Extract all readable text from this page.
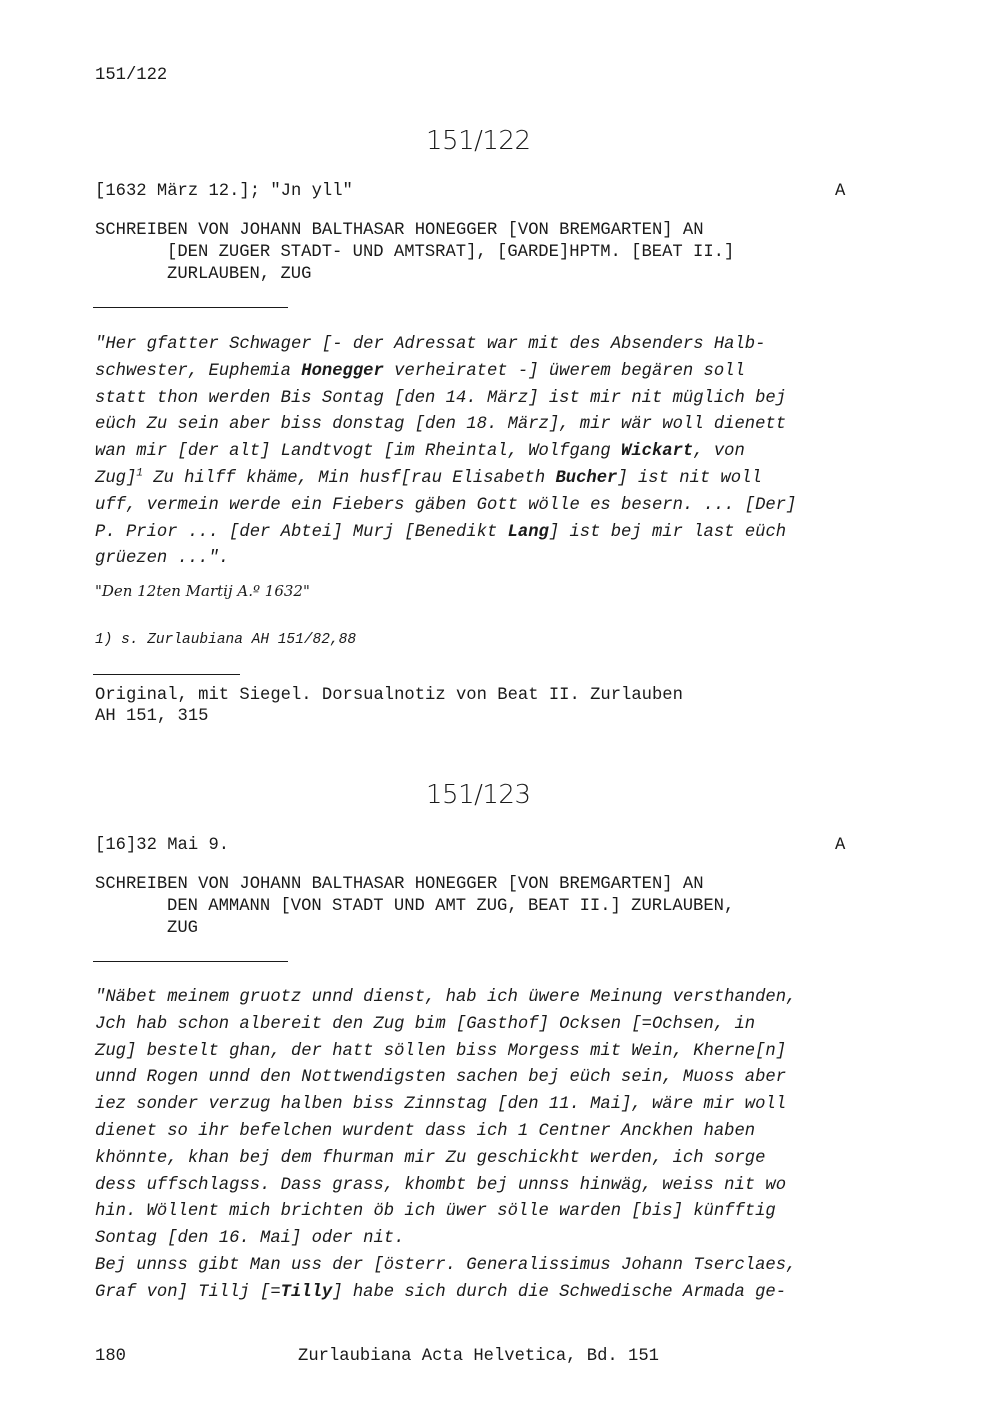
151/122
151/122
[1632 März 12.]; "Jn yll"	A
SCHREIBEN VON JOHANN BALTHASAR HONEGGER [VON BREMGARTEN] AN
[DEN ZUGER STADT- UND AMTSRAT], [GARDE]HPTM. [BEAT II.]
ZURLAUBEN, ZUG
"Her gfatter Schwager [- der Adressat war mit des Absenders Halb-
schwester, Euphemia Honegger verheiratet -] üwerem begären soll
statt thon werden Bis Sontag [den 14. März] ist mir nit müglich bej
eüch Zu sein aber biss donstag [den 18. März], mir wär woll dienett
wan mir [der alt] Landtvogt [im Rheintal, Wolfgang Wickart, von
Zug]$^1$ Zu hilff khäme, Min husf[rau Elisabeth Bucher] ist nit woll
uff, vermein werde ein Fiebers gäben Gott wölle es besern. ... [Der]
P. Prior ... [der Abtei] Murj [Benedikt Lang] ist bej mir last eüch
grüezen ...".
"Den 12ten Martij A.º 1632"
1) s. Zurlaubiana AH 151/82,88
Original, mit Siegel. Dorsualnotiz von Beat II. Zurlauben
AH 151, 315
151/123
[16]32 Mai 9.	A
SCHREIBEN VON JOHANN BALTHASAR HONEGGER [VON BREMGARTEN] AN
DEN AMMANN [VON STADT UND AMT ZUG, BEAT II.] ZURLAUBEN,
ZUG
"Näbet meinem gruotz unnd dienst, hab ich üwere Meinung versthanden,
Jch hab schon albereit den Zug bim [Gasthof] Ocksen [=Ochsen, in
Zug] bestelt ghan, der hatt söllen biss Morgess mit Wein, Kherne[n]
unnd Rogen unnd den Nottwendigsten sachen bej eüch sein, Muoss aber
iez sonder verzug halben biss Zinnstag [den 11. Mai], wäre mir woll
dienet so ihr befelchen wurdent dass ich 1 Centner Anckhen haben
khönnte, khan bej dem fhurman mir Zu geschickht werden, ich sorge
dess uffschlagss. Dass grass, khombt bej unnss hinwäg, weiss nit wo
hin. Wöllent mich brichten öb ich üwer sölle warden [bis] künfftig
Sontag [den 16. Mai] oder nit.
Bej unnss gibt Man uss der [österr. Generalissimus Johann Tserclaes,
Graf von] Tillj [=Tilly] habe sich durch die Schwedische Armada ge-
180	Zurlaubiana Acta Helvetica, Bd. 151
